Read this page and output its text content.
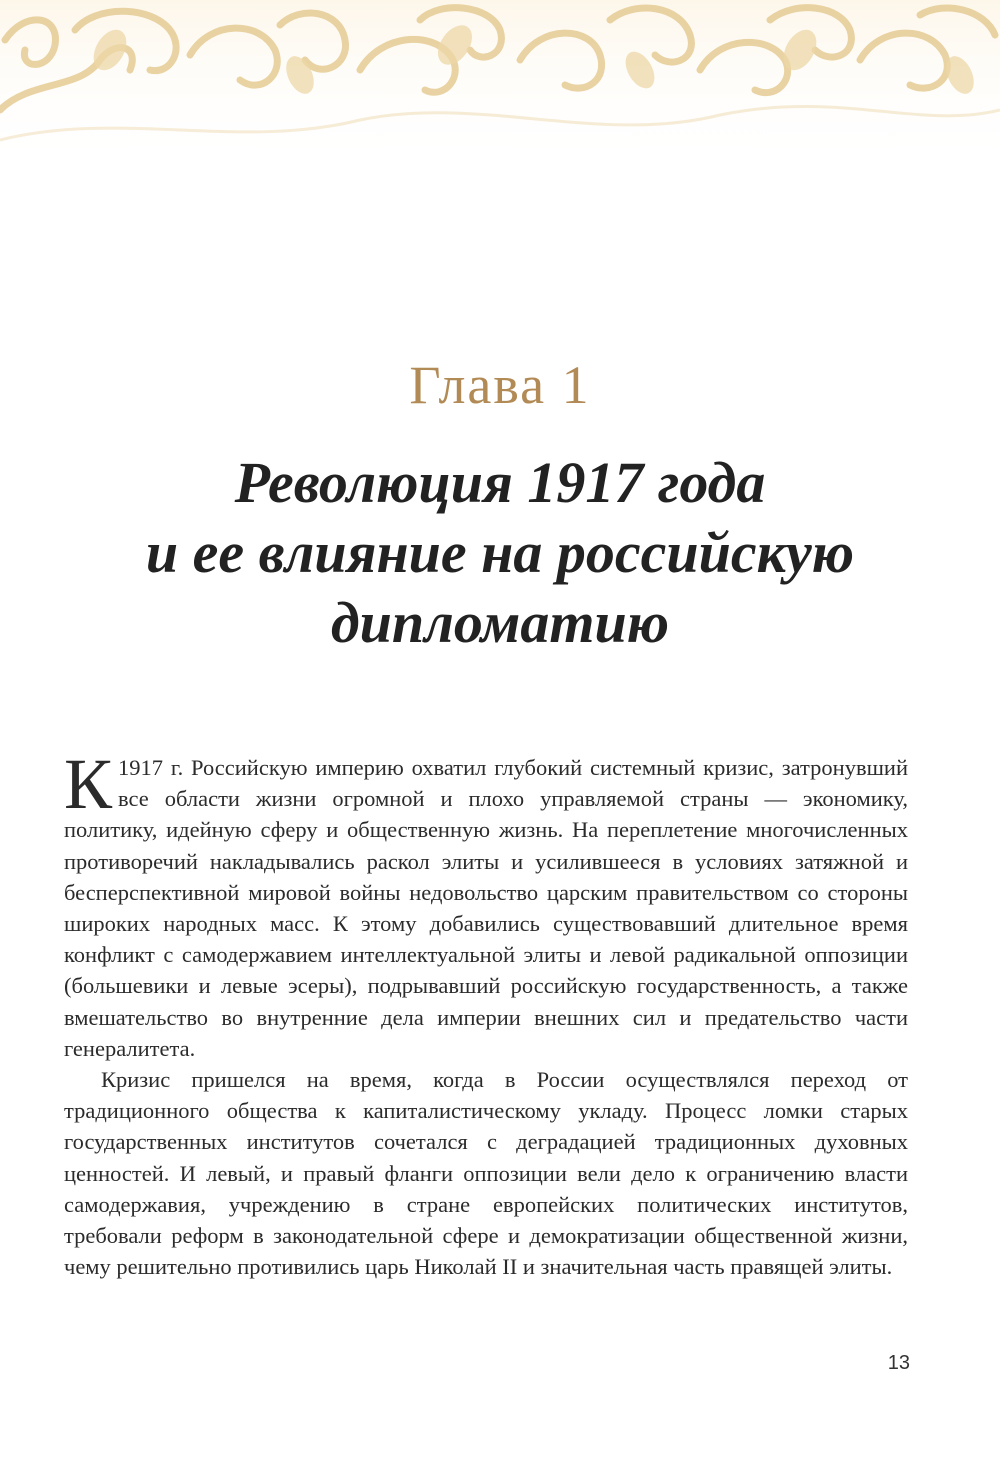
Глава 1
Революция 1917 года
и ее влияние на российскую
дипломатию

К 1917 г. Российскую империю охватил глубокий системный кризис, затронувший все области жизни огромной и плохо управляемой страны — экономику, политику, идейную сферу и общественную жизнь. На переплетение многочисленных противоречий накладывались раскол элиты и усилившееся в условиях затяжной и бесперспективной мировой войны недовольство царским правительством со стороны широких народных масс. К этому добавились существовавший длительное время конфликт с самодержавием интеллектуальной элиты и левой радикальной оппозиции (большевики и левые эсеры), подрывавший российскую государственность, а также вмешательство во внутренние дела империи внешних сил и предательство части генералитета.

Кризис пришелся на время, когда в России осуществлялся переход от традиционного общества к капиталистическому укладу. Процесс ломки старых государственных институтов сочетался с деградацией традиционных духовных ценностей. И левый, и правый фланги оппозиции вели дело к ограничению власти самодержавия, учреждению в стране европейских политических институтов, требовали реформ в законодательной сфере и демократизации общественной жизни, чему решительно противились царь Николай II и значительная часть правящей элиты.

13
